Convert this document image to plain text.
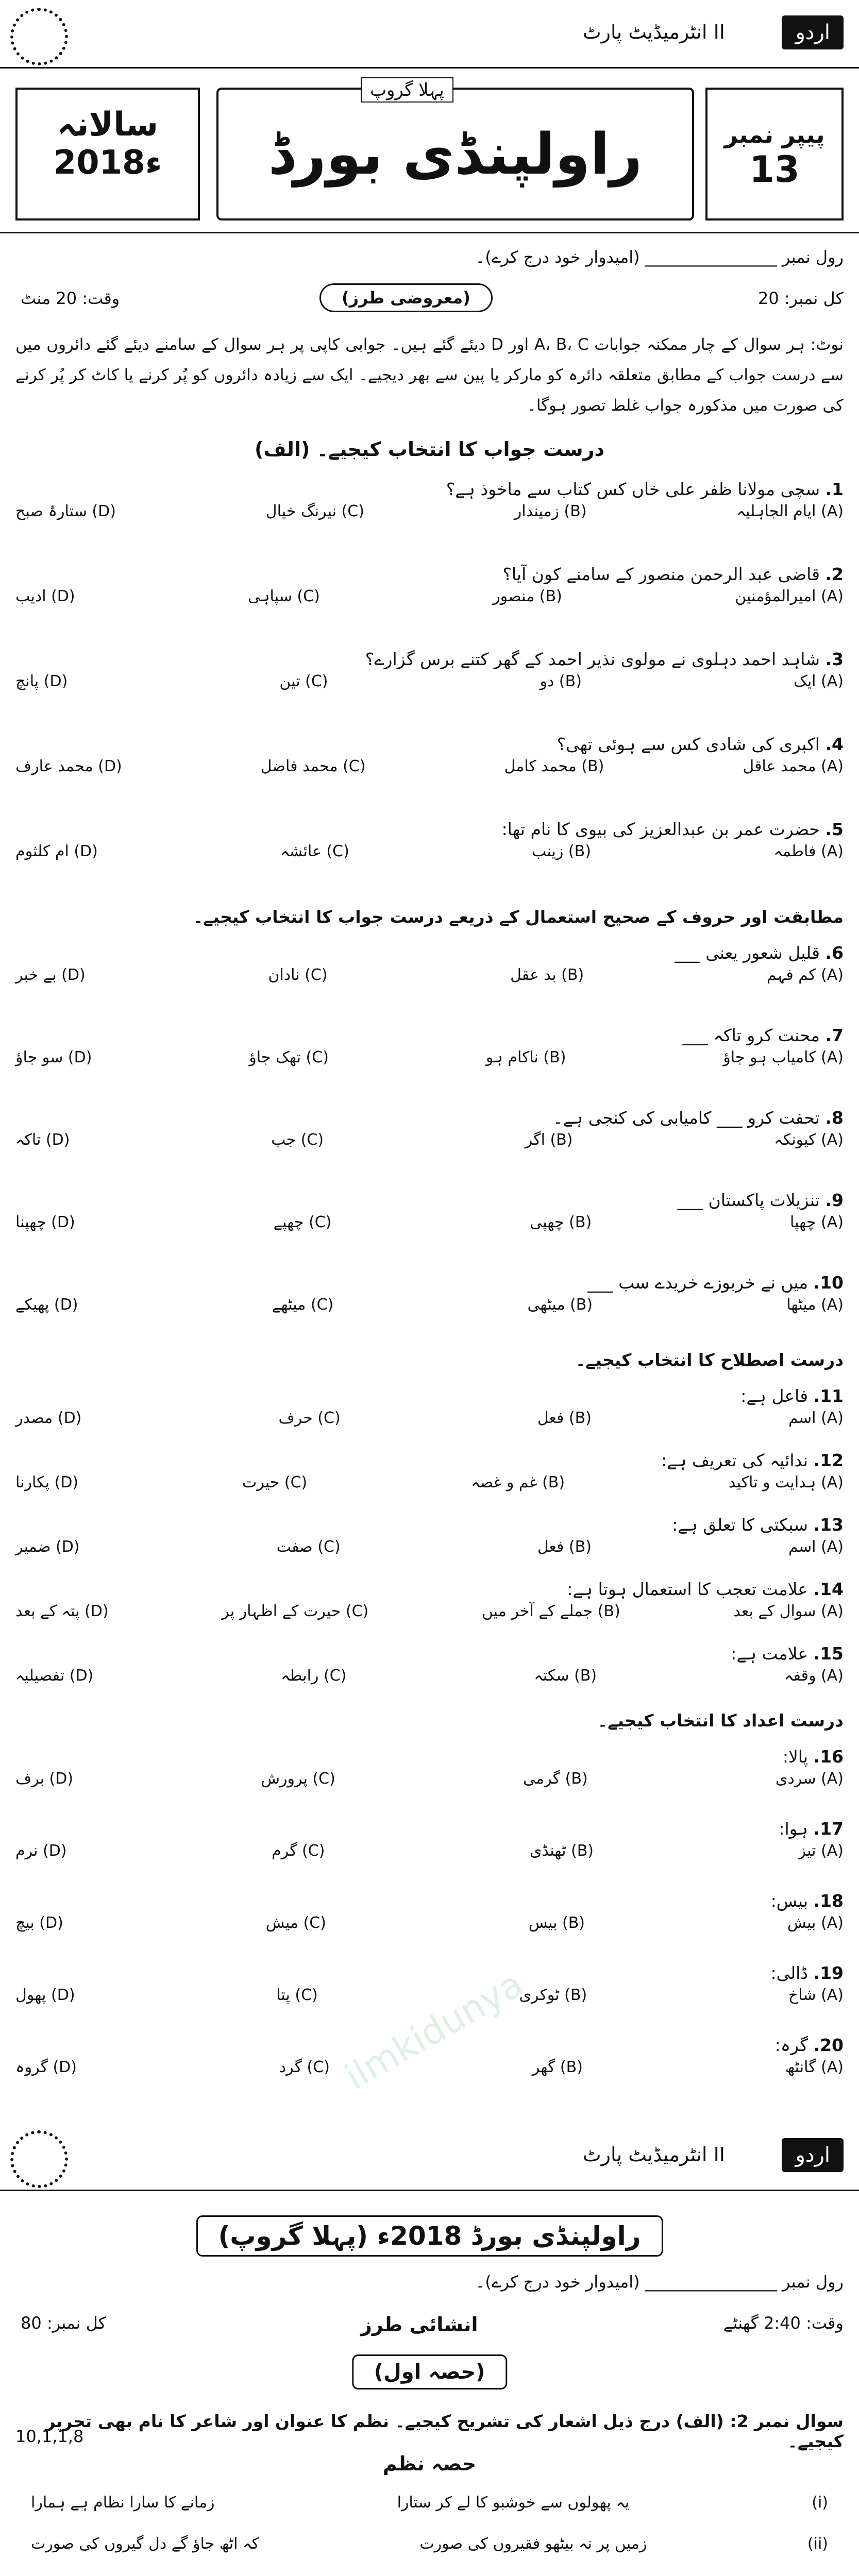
انٹرمیڈیٹ پارٹ II	اردو
پیپر نمبر
13
راولپنڈی بورڈ
پہلا گروپ
سالانہ
2018ء
رول نمبر ________________ (امیدوار خود درج کرے)۔
کل نمبر: 20
(معروضی طرز)
وقت: 20 منٹ
نوٹ: ہر سوال کے چار ممکنہ جوابات A، B، C اور D دیئے گئے ہیں۔ جوابی کاپی پر ہر سوال کے سامنے دیئے گئے دائروں میں سے درست جواب کے مطابق متعلقہ دائرہ کو مارکر یا پین سے بھر دیجیے۔ ایک سے زیادہ دائروں کو پُر کرنے یا کاٹ کر پُر کرنے کی صورت میں مذکورہ جواب غلط تصور ہوگا۔
(الف) درست جواب کا انتخاب کیجیے۔
1. سچی مولانا ظفر علی خاں کس کتاب سے ماخوذ ہے؟
(A) ایام الجاہلیہ
(B) زمیندار
(C) نیرنگ خیال
(D) ستارۂ صبح
2. قاضی عبد الرحمن منصور کے سامنے کون آیا؟
(A) امیرالمؤمنین
(B) منصور
(C) سپاہی
(D) ادیب
3. شاہد احمد دہلوی نے مولوی نذیر احمد کے گھر کتنے برس گزارے؟
(A) ایک
(B) دو
(C) تین
(D) پانچ
4. اکبری کی شادی کس سے ہوئی تھی؟
(A) محمد عاقل
(B) محمد کامل
(C) محمد فاضل
(D) محمد عارف
5. حضرت عمر بن عبدالعزیز کی بیوی کا نام تھا:
(A) فاطمہ
(B) زینب
(C) عائشہ
(D) ام کلثوم
مطابقت اور حروف کے صحیح استعمال کے ذریعے درست جواب کا انتخاب کیجیے۔
6. قلیل شعور یعنی ___
(A) کم فہم
(B) بد عقل
(C) نادان
(D) بے خبر
7. محنت کرو تاکہ ___
(A) کامیاب ہو جاؤ
(B) ناکام ہو
(C) تھک جاؤ
(D) سو جاؤ
8. تحفت کرو ___ کامیابی کی کنجی ہے۔
(A) کیونکہ
(B) اگر
(C) جب
(D) تاکہ
9. تنزیلات پاکستان ___
(A) چھپا
(B) چھپی
(C) چھپے
(D) چھپنا
10. میں نے خربوزے خریدے سب ___
(A) میٹھا
(B) میٹھی
(C) میٹھے
(D) پھیکے
درست اصطلاح کا انتخاب کیجیے۔
11. فاعل ہے:
(A) اسم
(B) فعل
(C) حرف
(D) مصدر
12. ندائیہ کی تعریف ہے:
(A) ہدایت و تاکید
(B) غم و غصہ
(C) حیرت
(D) پکارنا
13. سبکتی کا تعلق ہے:
(A) اسم
(B) فعل
(C) صفت
(D) ضمیر
14. علامت تعجب کا استعمال ہوتا ہے:
(A) سوال کے بعد
(B) جملے کے آخر میں
(C) حیرت کے اظہار پر
(D) پتہ کے بعد
15. علامت ہے:
(A) وقفہ
(B) سکتہ
(C) رابطہ
(D) تفصیلیہ
درست اعداد کا انتخاب کیجیے۔
16. پالا:
(A) سردی
(B) گرمی
(C) پرورش
(D) برف
17. ہوا:
(A) تیز
(B) ٹھنڈی
(C) گرم
(D) نرم
18. بیس:
(A) بیش
(B) بیس
(C) میش
(D) بیچ
19. ڈالی:
(A) شاخ
(B) ٹوکری
(C) پتا
(D) پھول
20. گرہ:
(A) گانٹھ
(B) گھر
(C) گرد
(D) گروہ	ilmkidunya
انٹرمیڈیٹ پارٹ II	اردو
راولپنڈی بورڈ 2018ء (پہلا گروپ)
رول نمبر ________________ (امیدوار خود درج کرے)۔
وقت: 2:40 گھنٹے
انشائی طرز
کل نمبر: 80
(حصہ اول)
سوال نمبر 2: (الف) درج ذیل اشعار کی تشریح کیجیے۔ نظم کا عنوان اور شاعر کا نام بھی تحریر کیجیے۔
10,1,1,8
حصہ نظم
(i)
یہ پھولوں سے خوشبو کا لے کر ستارا
زمانے کا سارا نظام ہے ہمارا
(ii)
زمیں پر نہ بیٹھو فقیروں کی صورت
کہ اٹھ جاؤ گے دل گیروں کی صورت
